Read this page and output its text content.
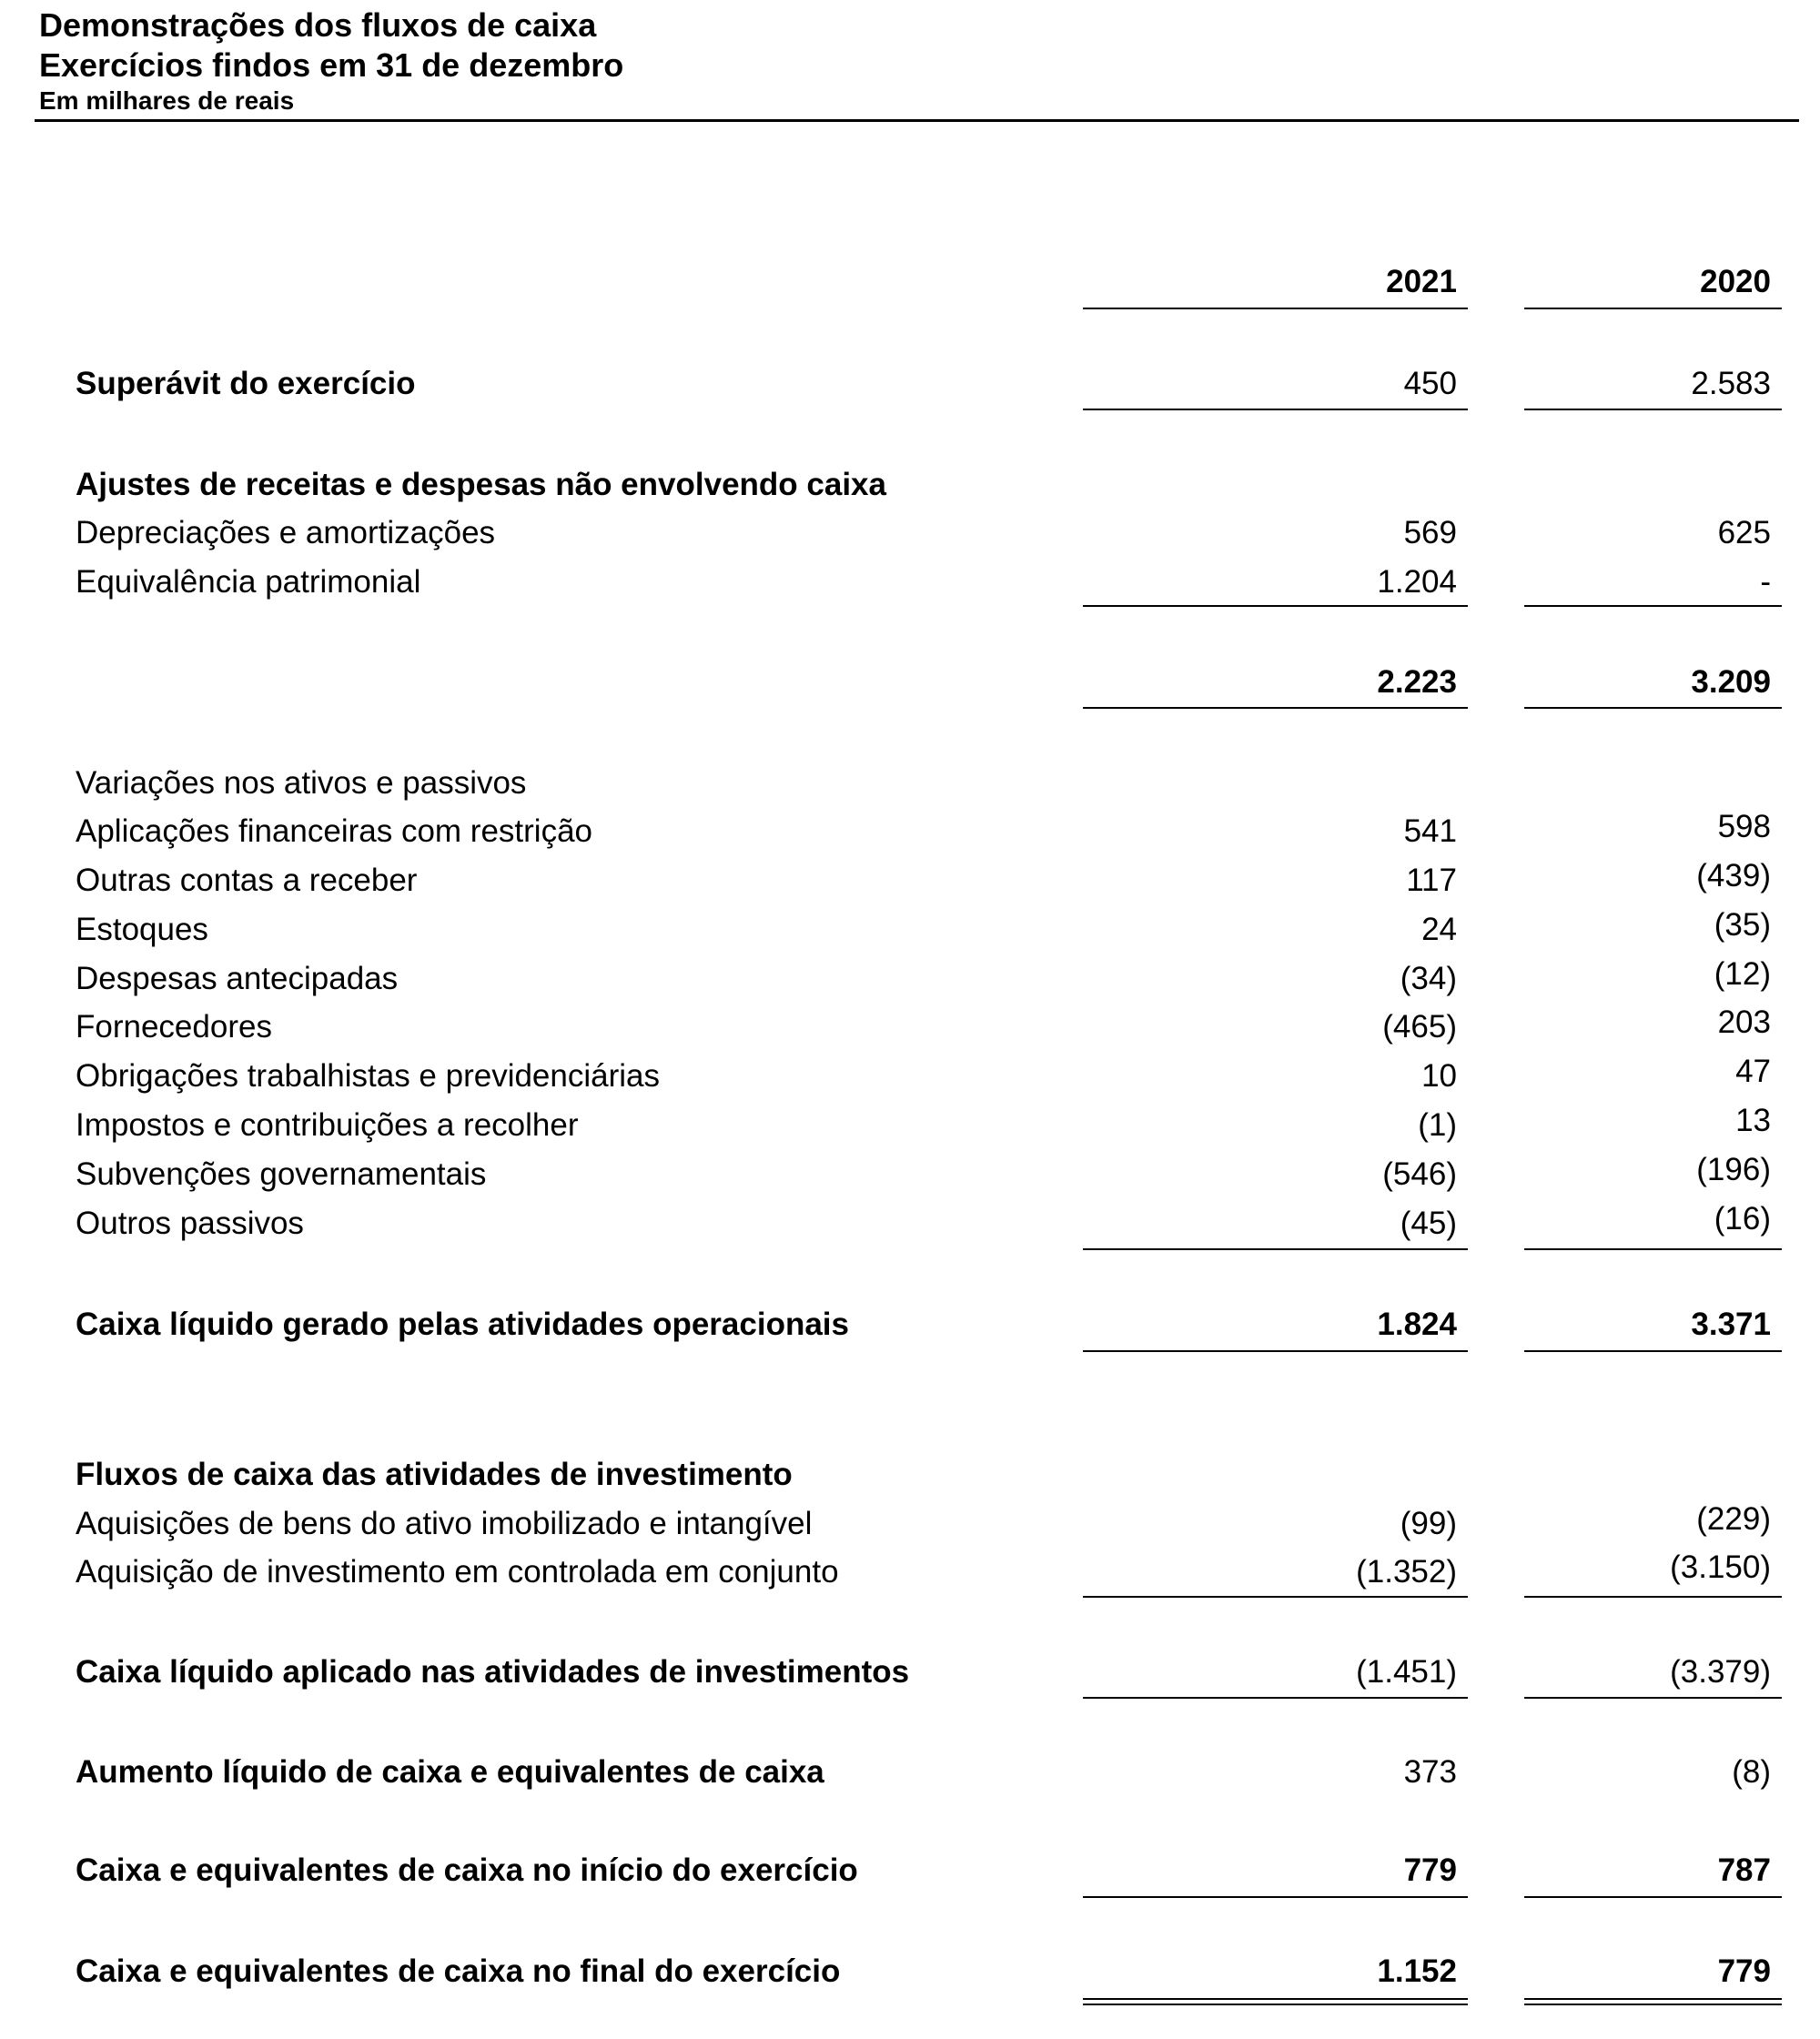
Demonstrações dos fluxos de caixa
Exercícios findos em 31 de dezembro
Em milhares de reais
2021	2020
Superávit do exercício	450	2.583
Ajustes de receitas e despesas não envolvendo caixa
Depreciações e amortizações	569	625
Equivalência patrimonial	1.204	-
2.223	3.209
Variações nos ativos e passivos
Aplicações financeiras com restrição	541	598
Outras contas a receber	117	(439)
Estoques	24	(35)
Despesas antecipadas	(34)	(12)
Fornecedores	(465)	203
Obrigações trabalhistas e previdenciárias	10	47
Impostos e contribuições a recolher	(1)	13
Subvenções governamentais	(546)	(196)
Outros passivos	(45)	(16)
Caixa líquido gerado pelas atividades operacionais	1.824	3.371
Fluxos de caixa das atividades de investimento
Aquisições de bens do ativo imobilizado e intangível	(99)	(229)
Aquisição de investimento em controlada em conjunto	(1.352)	(3.150)
Caixa líquido aplicado nas atividades de investimentos	(1.451)	(3.379)
Aumento líquido de caixa e equivalentes de caixa	373	(8)
Caixa e equivalentes de caixa no início do exercício	779	787
Caixa e equivalentes de caixa no final do exercício	1.152	779
